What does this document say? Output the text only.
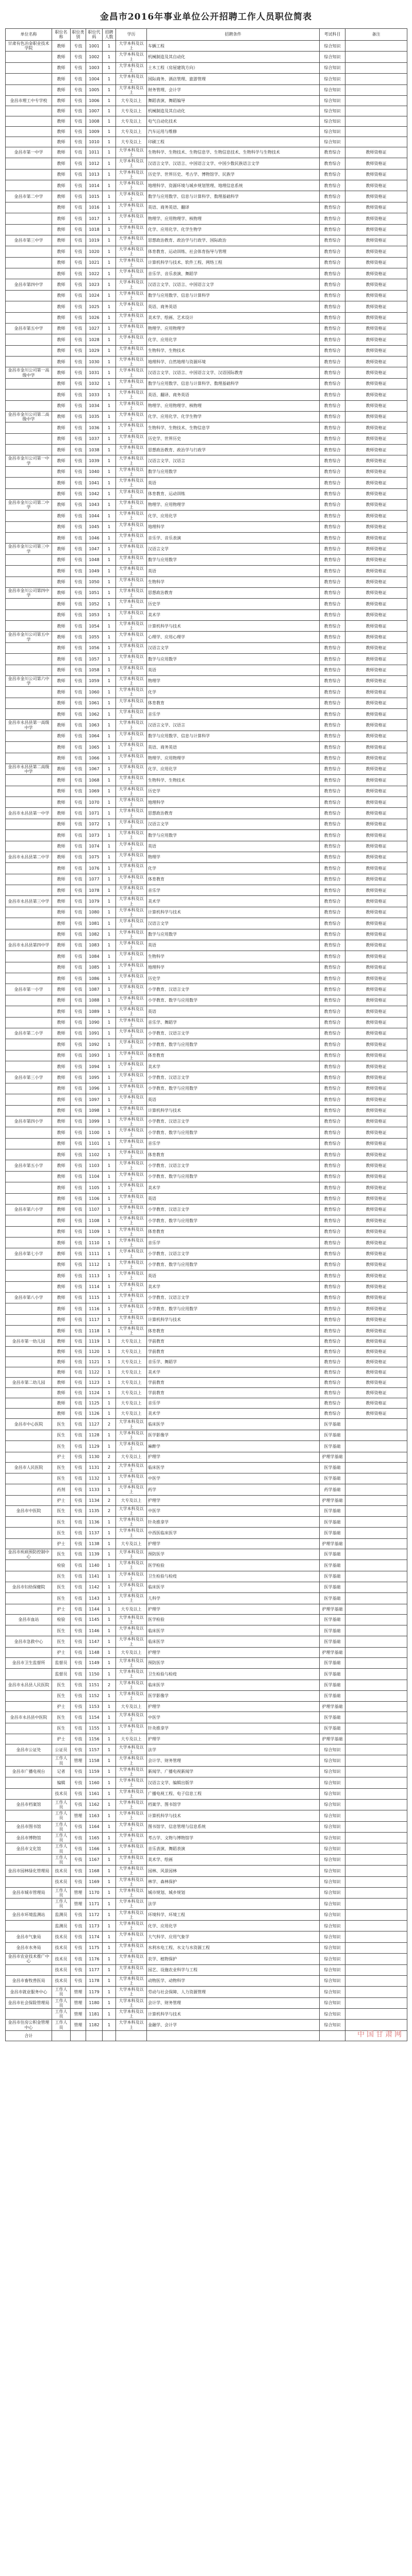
金昌市2016年事业单位公开招聘工作人员职位简表
单位名称	职位名称	职位类别	职位代码	招聘人数	学历	招聘条件	考试科目	备注
甘肃有色冶金职业技术学院	教师	专技	1001	1	大学本科及以上	车辆工程	综合知识	
	教师	专技	1002	1	大学本科及以上	机械制造及其自动化	综合知识	
	教师	专技	1003	1	大学本科及以上	土木工程（房屋建筑方向）	综合知识	
	教师	专技	1004	1	大学本科及以上	国际商务、酒店管理、旅游管理	综合知识	
	教师	专技	1005	1	大学本科及以上	财务管理、会计学	综合知识	
金昌市理工中专学校	教师	专技	1006	1	大专及以上	舞蹈表演、舞蹈编导	综合知识	
	教师	专技	1007	1	大专及以上	机械制造及其自动化	综合知识	
	教师	专技	1008	1	大专及以上	电气自动化技术	综合知识	
	教师	专技	1009	1	大专及以上	汽车运用与维修	综合知识	
	教师	专技	1010	1	大专及以上	印刷工程	综合知识	
金昌市第一中学	教师	专技	1011	1	大学本科及以上	生物科学、生物技术、生物信息学、生物信息技术、生物科学与生物技术	教育综合	教师资格证
	教师	专技	1012	1	大学本科及以上	汉语言文学、汉语言、中国语言文学、中国少数民族语言文学	教育综合	教师资格证
	教师	专技	1013	1	大学本科及以上	历史学、世界历史、考古学、博物馆学、民族学	教育综合	教师资格证
	教师	专技	1014	1	大学本科及以上	地理科学、资源环境与城乡规划管理、地理信息系统	教育综合	教师资格证
金昌市第二中学	教师	专技	1015	1	大学本科及以上	数学与应用数学、信息与计算科学、数理基础科学	教育综合	教师资格证
	教师	专技	1016	1	大学本科及以上	英语、商务英语、翻译	教育综合	教师资格证
	教师	专技	1017	1	大学本科及以上	物理学、应用物理学、核物理	教育综合	教师资格证
	教师	专技	1018	1	大学本科及以上	化学、应用化学、化学生物学	教育综合	教师资格证
金昌市第三中学	教师	专技	1019	1	大学本科及以上	思想政治教育、政治学与行政学、国际政治	教育综合	教师资格证
	教师	专技	1020	1	大学本科及以上	体育教育、运动训练、社会体育指导与管理	教育综合	教师资格证
	教师	专技	1021	1	大学本科及以上	计算机科学与技术、软件工程、网络工程	教育综合	教师资格证
	教师	专技	1022	1	大学本科及以上	音乐学、音乐表演、舞蹈学	教育综合	教师资格证
金昌市第四中学	教师	专技	1023	1	大学本科及以上	汉语言文学、汉语言、中国语言文学	教育综合	教师资格证
	教师	专技	1024	1	大学本科及以上	数学与应用数学、信息与计算科学	教育综合	教师资格证
	教师	专技	1025	1	大学本科及以上	英语、商务英语	教育综合	教师资格证
	教师	专技	1026	1	大学本科及以上	美术学、绘画、艺术设计	教育综合	教师资格证
金昌市第五中学	教师	专技	1027	1	大学本科及以上	物理学、应用物理学	教育综合	教师资格证
	教师	专技	1028	1	大学本科及以上	化学、应用化学	教育综合	教师资格证
	教师	专技	1029	1	大学本科及以上	生物科学、生物技术	教育综合	教师资格证
	教师	专技	1030	1	大学本科及以上	地理科学、自然地理与资源环境	教育综合	教师资格证
金昌市金川公司第一高级中学	教师	专技	1031	1	大学本科及以上	汉语言文学、汉语言、中国语言文学、汉语国际教育	教育综合	教师资格证
	教师	专技	1032	1	大学本科及以上	数学与应用数学、信息与计算科学、数理基础科学	教育综合	教师资格证
	教师	专技	1033	1	大学本科及以上	英语、翻译、商务英语	教育综合	教师资格证
	教师	专技	1034	1	大学本科及以上	物理学、应用物理学、核物理	教育综合	教师资格证
金昌市金川公司第二高级中学	教师	专技	1035	1	大学本科及以上	化学、应用化学、化学生物学	教育综合	教师资格证
	教师	专技	1036	1	大学本科及以上	生物科学、生物技术、生物信息学	教育综合	教师资格证
	教师	专技	1037	1	大学本科及以上	历史学、世界历史	教育综合	教师资格证
	教师	专技	1038	1	大学本科及以上	思想政治教育、政治学与行政学	教育综合	教师资格证
金昌市金川公司第一中学	教师	专技	1039	1	大学本科及以上	汉语言文学、汉语言	教育综合	教师资格证
	教师	专技	1040	1	大学本科及以上	数学与应用数学	教育综合	教师资格证
	教师	专技	1041	1	大学本科及以上	英语	教育综合	教师资格证
	教师	专技	1042	1	大学本科及以上	体育教育、运动训练	教育综合	教师资格证
金昌市金川公司第二中学	教师	专技	1043	1	大学本科及以上	物理学、应用物理学	教育综合	教师资格证
	教师	专技	1044	1	大学本科及以上	化学、应用化学	教育综合	教师资格证
	教师	专技	1045	1	大学本科及以上	地理科学	教育综合	教师资格证
	教师	专技	1046	1	大学本科及以上	音乐学、音乐表演	教育综合	教师资格证
金昌市金川公司第三中学	教师	专技	1047	1	大学本科及以上	汉语言文学	教育综合	教师资格证
	教师	专技	1048	1	大学本科及以上	数学与应用数学	教育综合	教师资格证
	教师	专技	1049	1	大学本科及以上	英语	教育综合	教师资格证
	教师	专技	1050	1	大学本科及以上	生物科学	教育综合	教师资格证
金昌市金川公司第四中学	教师	专技	1051	1	大学本科及以上	思想政治教育	教育综合	教师资格证
	教师	专技	1052	1	大学本科及以上	历史学	教育综合	教师资格证
	教师	专技	1053	1	大学本科及以上	美术学	教育综合	教师资格证
	教师	专技	1054	1	大学本科及以上	计算机科学与技术	教育综合	教师资格证
金昌市金川公司第五中学	教师	专技	1055	1	大学本科及以上	心理学、应用心理学	教育综合	教师资格证
	教师	专技	1056	1	大学本科及以上	汉语言文学	教育综合	教师资格证
	教师	专技	1057	1	大学本科及以上	数学与应用数学	教育综合	教师资格证
	教师	专技	1058	1	大学本科及以上	英语	教育综合	教师资格证
金昌市金川公司第六中学	教师	专技	1059	1	大学本科及以上	物理学	教育综合	教师资格证
	教师	专技	1060	1	大学本科及以上	化学	教育综合	教师资格证
	教师	专技	1061	1	大学本科及以上	体育教育	教育综合	教师资格证
	教师	专技	1062	1	大学本科及以上	音乐学	教育综合	教师资格证
金昌市永昌县第一高级中学	教师	专技	1063	1	大学本科及以上	汉语言文学、汉语言	教育综合	教师资格证
	教师	专技	1064	1	大学本科及以上	数学与应用数学、信息与计算科学	教育综合	教师资格证
	教师	专技	1065	1	大学本科及以上	英语、商务英语	教育综合	教师资格证
	教师	专技	1066	1	大学本科及以上	物理学、应用物理学	教育综合	教师资格证
金昌市永昌县第二高级中学	教师	专技	1067	1	大学本科及以上	化学、应用化学	教育综合	教师资格证
	教师	专技	1068	1	大学本科及以上	生物科学、生物技术	教育综合	教师资格证
	教师	专技	1069	1	大学本科及以上	历史学	教育综合	教师资格证
	教师	专技	1070	1	大学本科及以上	地理科学	教育综合	教师资格证
金昌市永昌县第一中学	教师	专技	1071	1	大学本科及以上	思想政治教育	教育综合	教师资格证
	教师	专技	1072	1	大学本科及以上	汉语言文学	教育综合	教师资格证
	教师	专技	1073	1	大学本科及以上	数学与应用数学	教育综合	教师资格证
	教师	专技	1074	1	大学本科及以上	英语	教育综合	教师资格证
金昌市永昌县第二中学	教师	专技	1075	1	大学本科及以上	物理学	教育综合	教师资格证
	教师	专技	1076	1	大学本科及以上	化学	教育综合	教师资格证
	教师	专技	1077	1	大学本科及以上	体育教育	教育综合	教师资格证
	教师	专技	1078	1	大学本科及以上	音乐学	教育综合	教师资格证
金昌市永昌县第三中学	教师	专技	1079	1	大学本科及以上	美术学	教育综合	教师资格证
	教师	专技	1080	1	大学本科及以上	计算机科学与技术	教育综合	教师资格证
	教师	专技	1081	1	大学本科及以上	汉语言文学	教育综合	教师资格证
	教师	专技	1082	1	大学本科及以上	数学与应用数学	教育综合	教师资格证
金昌市永昌县第四中学	教师	专技	1083	1	大学本科及以上	英语	教育综合	教师资格证
	教师	专技	1084	1	大学本科及以上	生物科学	教育综合	教师资格证
	教师	专技	1085	1	大学本科及以上	地理科学	教育综合	教师资格证
	教师	专技	1086	1	大学本科及以上	历史学	教育综合	教师资格证
金昌市第一小学	教师	专技	1087	1	大学本科及以上	小学教育、汉语言文学	教育综合	教师资格证
	教师	专技	1088	1	大学本科及以上	小学教育、数学与应用数学	教育综合	教师资格证
	教师	专技	1089	1	大学本科及以上	英语	教育综合	教师资格证
	教师	专技	1090	1	大学本科及以上	音乐学、舞蹈学	教育综合	教师资格证
金昌市第二小学	教师	专技	1091	1	大学本科及以上	小学教育、汉语言文学	教育综合	教师资格证
	教师	专技	1092	1	大学本科及以上	小学教育、数学与应用数学	教育综合	教师资格证
	教师	专技	1093	1	大学本科及以上	体育教育	教育综合	教师资格证
	教师	专技	1094	1	大学本科及以上	美术学	教育综合	教师资格证
金昌市第三小学	教师	专技	1095	1	大学本科及以上	小学教育、汉语言文学	教育综合	教师资格证
	教师	专技	1096	1	大学本科及以上	小学教育、数学与应用数学	教育综合	教师资格证
	教师	专技	1097	1	大学本科及以上	英语	教育综合	教师资格证
	教师	专技	1098	1	大学本科及以上	计算机科学与技术	教育综合	教师资格证
金昌市第四小学	教师	专技	1099	1	大学本科及以上	小学教育、汉语言文学	教育综合	教师资格证
	教师	专技	1100	1	大学本科及以上	小学教育、数学与应用数学	教育综合	教师资格证
	教师	专技	1101	1	大学本科及以上	音乐学	教育综合	教师资格证
	教师	专技	1102	1	大学本科及以上	体育教育	教育综合	教师资格证
金昌市第五小学	教师	专技	1103	1	大学本科及以上	小学教育、汉语言文学	教育综合	教师资格证
	教师	专技	1104	1	大学本科及以上	小学教育、数学与应用数学	教育综合	教师资格证
	教师	专技	1105	1	大学本科及以上	美术学	教育综合	教师资格证
	教师	专技	1106	1	大学本科及以上	英语	教育综合	教师资格证
金昌市第六小学	教师	专技	1107	1	大学本科及以上	小学教育、汉语言文学	教育综合	教师资格证
	教师	专技	1108	1	大学本科及以上	小学教育、数学与应用数学	教育综合	教师资格证
	教师	专技	1109	1	大学本科及以上	体育教育	教育综合	教师资格证
	教师	专技	1110	1	大学本科及以上	音乐学	教育综合	教师资格证
金昌市第七小学	教师	专技	1111	1	大学本科及以上	小学教育、汉语言文学	教育综合	教师资格证
	教师	专技	1112	1	大学本科及以上	小学教育、数学与应用数学	教育综合	教师资格证
	教师	专技	1113	1	大学本科及以上	英语	教育综合	教师资格证
	教师	专技	1114	1	大学本科及以上	美术学	教育综合	教师资格证
金昌市第八小学	教师	专技	1115	1	大学本科及以上	小学教育、汉语言文学	教育综合	教师资格证
	教师	专技	1116	1	大学本科及以上	小学教育、数学与应用数学	教育综合	教师资格证
	教师	专技	1117	1	大学本科及以上	计算机科学与技术	教育综合	教师资格证
	教师	专技	1118	1	大学本科及以上	体育教育	教育综合	教师资格证
金昌市第一幼儿园	教师	专技	1119	1	大专及以上	学前教育	教育综合	教师资格证
	教师	专技	1120	1	大专及以上	学前教育	教育综合	教师资格证
	教师	专技	1121	1	大专及以上	音乐学、舞蹈学	教育综合	教师资格证
	教师	专技	1122	1	大专及以上	美术学	教育综合	教师资格证
金昌市第二幼儿园	教师	专技	1123	1	大专及以上	学前教育	教育综合	教师资格证
	教师	专技	1124	1	大专及以上	学前教育	教育综合	教师资格证
	教师	专技	1125	1	大专及以上	音乐学	教育综合	教师资格证
	教师	专技	1126	1	大专及以上	美术学	教育综合	教师资格证
金昌市中心医院	医生	专技	1127	2	大学本科及以上	临床医学	医学基础	
	医生	专技	1128	1	大学本科及以上	医学影像学	医学基础	
	医生	专技	1129	1	大学本科及以上	麻醉学	医学基础	
	护士	专技	1130	2	大专及以上	护理学	护理学基础	
金昌市人民医院	医生	专技	1131	2	大学本科及以上	临床医学	医学基础	
	医生	专技	1132	1	大学本科及以上	中医学	医学基础	
	药剂	专技	1133	1	大学本科及以上	药学	药学基础	
	护士	专技	1134	2	大专及以上	护理学	护理学基础	
金昌市中医院	医生	专技	1135	2	大学本科及以上	中医学	医学基础	
	医生	专技	1136	1	大学本科及以上	针灸推拿学	医学基础	
	医生	专技	1137	1	大学本科及以上	中西医临床医学	医学基础	
	护士	专技	1138	1	大专及以上	护理学	护理学基础	
金昌市疾病预防控制中心	医生	专技	1139	1	大学本科及以上	预防医学	医学基础	
	检验	专技	1140	1	大学本科及以上	医学检验	医学基础	
	医生	专技	1141	1	大学本科及以上	卫生检验与检疫	医学基础	
金昌市妇幼保健院	医生	专技	1142	1	大学本科及以上	临床医学	医学基础	
	医生	专技	1143	1	大学本科及以上	儿科学	医学基础	
	护士	专技	1144	1	大专及以上	护理学	护理学基础	
金昌市血站	检验	专技	1145	1	大学本科及以上	医学检验	医学基础	
	医生	专技	1146	1	大学本科及以上	临床医学	医学基础	
金昌市急救中心	医生	专技	1147	1	大学本科及以上	临床医学	医学基础	
	护士	专技	1148	1	大专及以上	护理学	护理学基础	
金昌市卫生监督所	监督员	专技	1149	1	大学本科及以上	预防医学	医学基础	
	监督员	专技	1150	1	大学本科及以上	卫生检验与检疫	医学基础	
金昌市永昌县人民医院	医生	专技	1151	2	大学本科及以上	临床医学	医学基础	
	医生	专技	1152	1	大学本科及以上	医学影像学	医学基础	
	护士	专技	1153	1	大专及以上	护理学	护理学基础	
金昌市永昌县中医院	医生	专技	1154	1	大学本科及以上	中医学	医学基础	
	医生	专技	1155	1	大学本科及以上	针灸推拿学	医学基础	
	护士	专技	1156	1	大专及以上	护理学	护理学基础	
金昌市公证处	公证员	专技	1157	1	大学本科及以上	法学	综合知识	
	工作人员	管理	1158	1	大学本科及以上	会计学、财务管理	综合知识	
金昌市广播电视台	记者	专技	1159	1	大学本科及以上	新闻学、广播电视新闻学	综合知识	
	编辑	专技	1160	1	大学本科及以上	汉语言文学、编辑出版学	综合知识	
	技术员	专技	1161	1	大学本科及以上	广播电视工程、电子信息工程	综合知识	
金昌市档案馆	工作人员	专技	1162	1	大学本科及以上	档案学、图书馆学	综合知识	
	工作人员	管理	1163	1	大学本科及以上	计算机科学与技术	综合知识	
金昌市图书馆	工作人员	专技	1164	1	大学本科及以上	图书馆学、信息管理与信息系统	综合知识	
金昌市博物馆	工作人员	专技	1165	1	大学本科及以上	考古学、文物与博物馆学	综合知识	
金昌市文化馆	工作人员	专技	1166	1	大学本科及以上	音乐表演、舞蹈表演	综合知识	
	工作人员	专技	1167	1	大学本科及以上	美术学、绘画	综合知识	
金昌市园林绿化管理局	技术员	专技	1168	1	大学本科及以上	园林、风景园林	综合知识	
	技术员	专技	1169	1	大学本科及以上	林学、森林保护	综合知识	
金昌市城市管理局	工作人员	管理	1170	1	大学本科及以上	城市规划、城乡规划	综合知识	
	工作人员	管理	1171	1	大学本科及以上	法学	综合知识	
金昌市环境监测站	监测员	专技	1172	1	大学本科及以上	环境科学、环境工程	综合知识	
	监测员	专技	1173	1	大学本科及以上	化学、应用化学	综合知识	
金昌市气象局	技术员	专技	1174	1	大学本科及以上	大气科学、应用气象学	综合知识	
金昌市水务局	技术员	专技	1175	1	大学本科及以上	水利水电工程、水文与水资源工程	综合知识	
金昌市农业技术推广中心	技术员	专技	1176	1	大学本科及以上	农学、植物保护	综合知识	
	技术员	专技	1177	1	大学本科及以上	园艺、设施农业科学与工程	综合知识	
金昌市畜牧兽医局	技术员	专技	1178	1	大学本科及以上	动物医学、动物科学	综合知识	
金昌市就业服务中心	工作人员	管理	1179	1	大学本科及以上	劳动与社会保障、人力资源管理	综合知识	
金昌市社会保险管理局	工作人员	管理	1180	1	大学本科及以上	会计学、财务管理	综合知识	
	工作人员	管理	1181	1	大学本科及以上	计算机科学与技术	综合知识	
金昌市住房公积金管理中心	工作人员	管理	1182	1	大学本科及以上	金融学、会计学	综合知识	
合计									中国甘肃网
